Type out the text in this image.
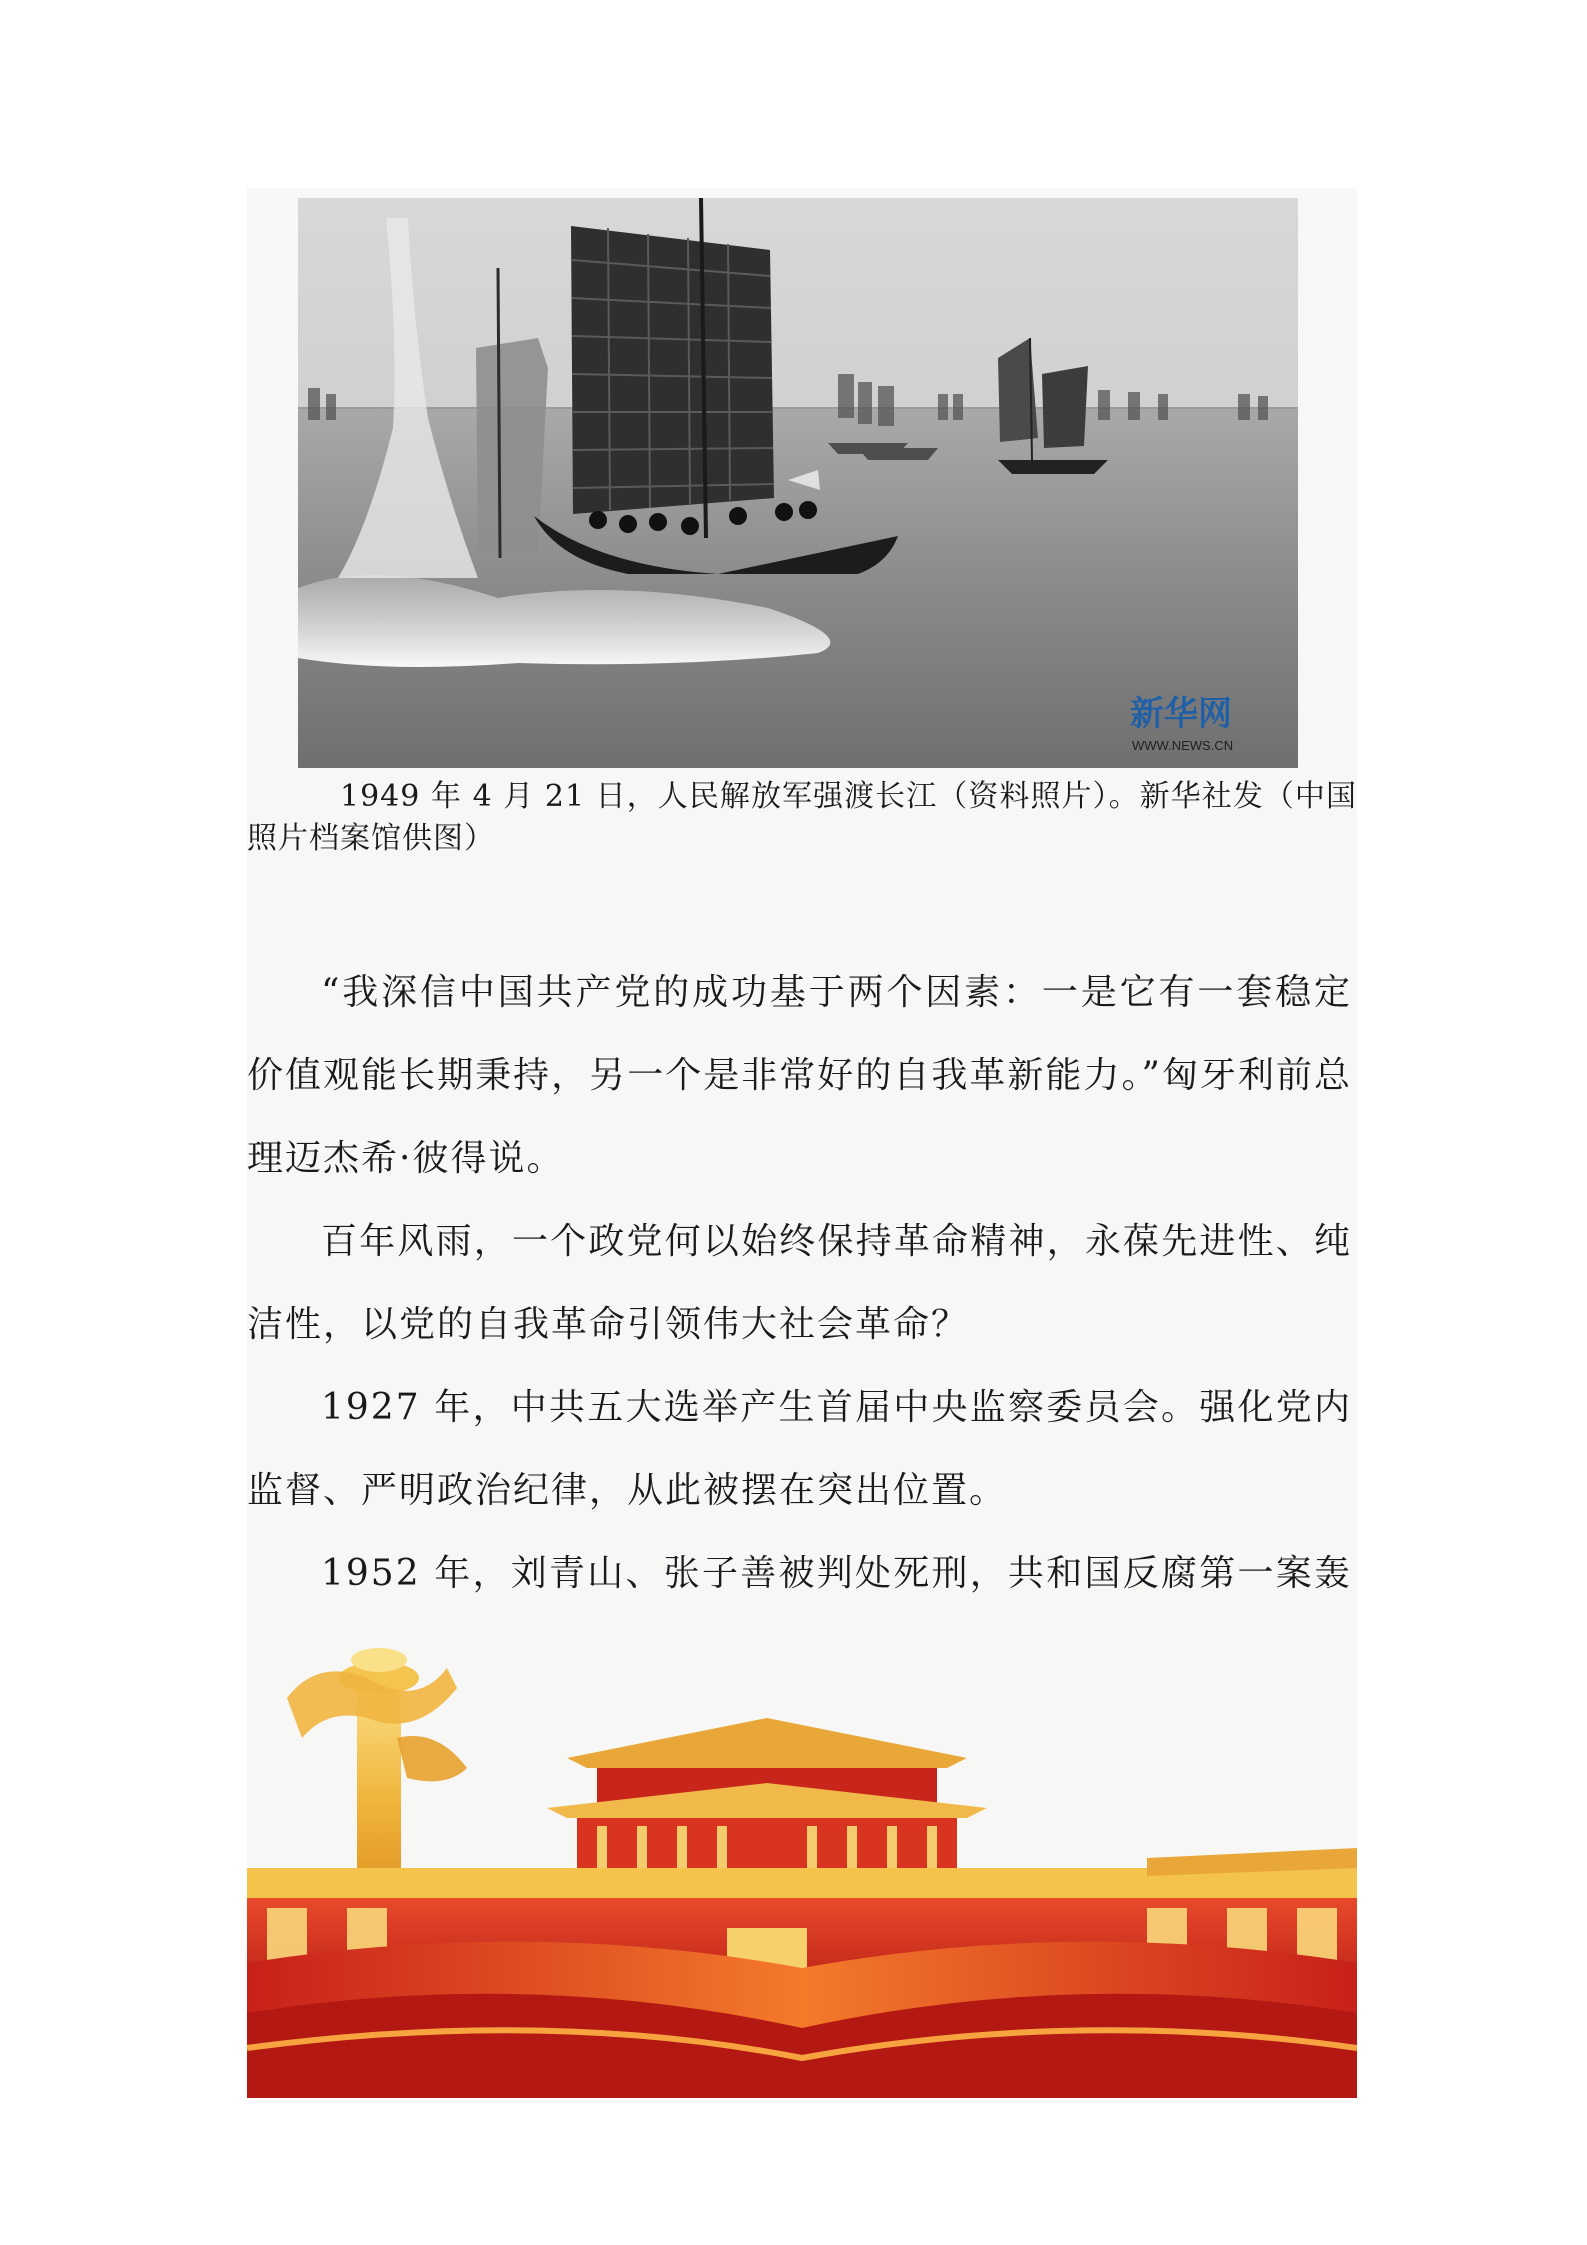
新华网
WWW.NEWS.CN

1949 年 4 月 21 日，人民解放军强渡长江（资料照片）。新华社发（中国照片档案馆供图）

“我深信中国共产党的成功基于两个因素：一是它有一套稳定价值观能长期秉持，另一个是非常好的自我革新能力。”匈牙利前总理迈杰希·彼得说。

百年风雨，一个政党何以始终保持革命精神，永葆先进性、纯洁性，以党的自我革命引领伟大社会革命？

1927 年，中共五大选举产生首届中央监察委员会。强化党内监督、严明政治纪律，从此被摆在突出位置。

1952 年，刘青山、张子善被判处死刑，共和国反腐第一案轰
